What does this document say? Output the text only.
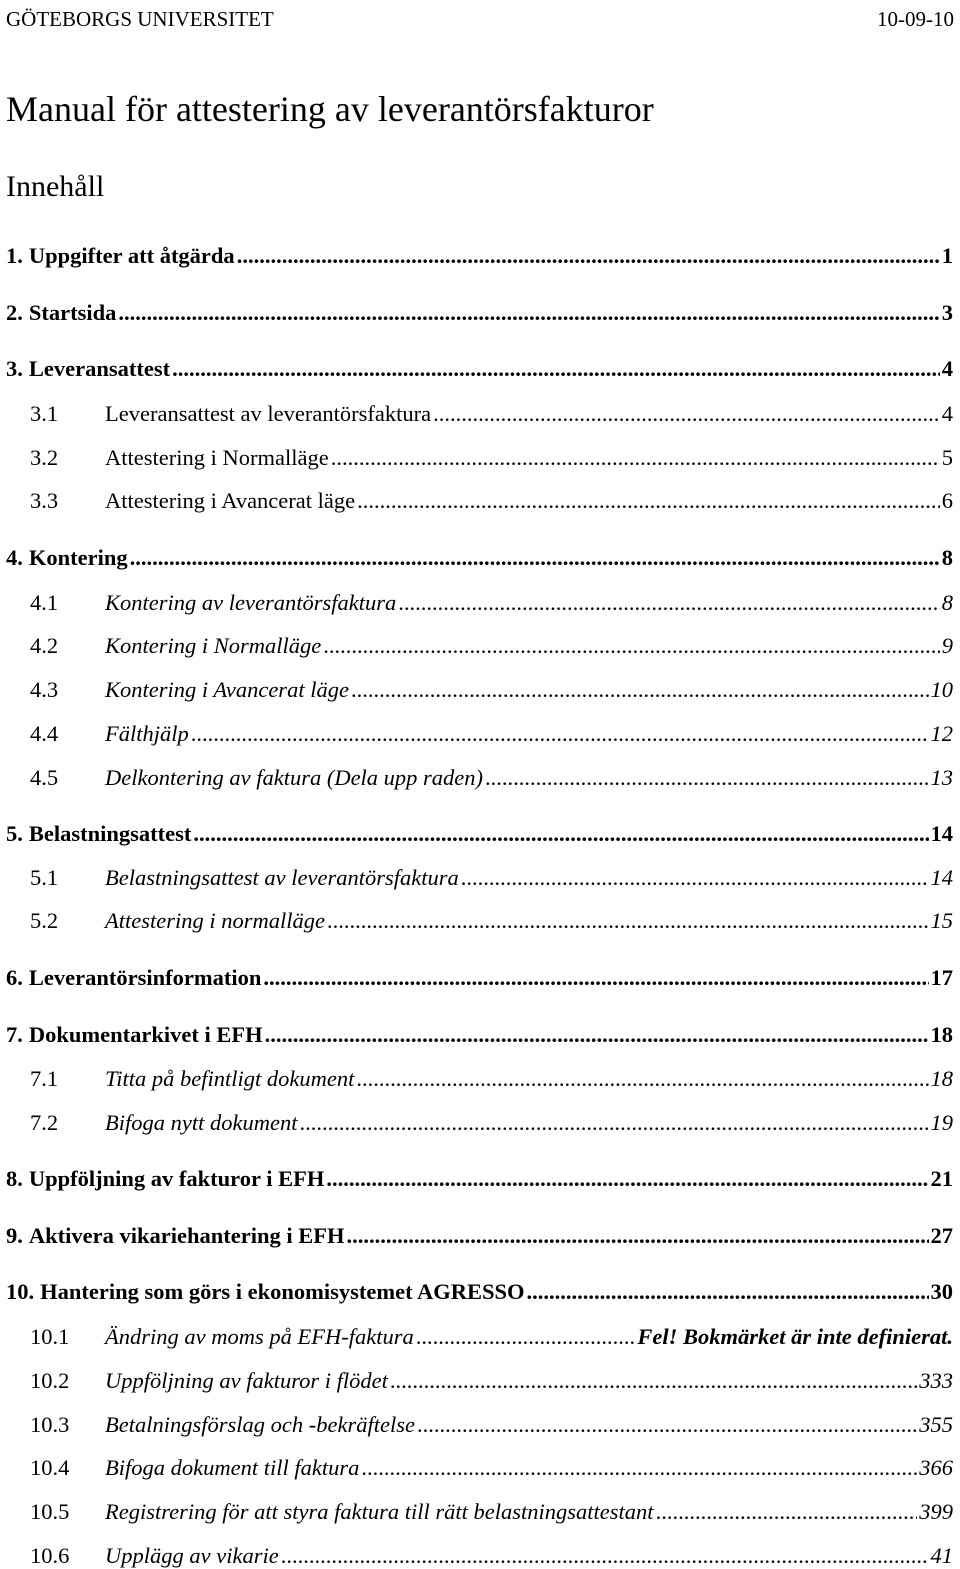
GÖTEBORGS UNIVERSITET	10-09-10
Manual för attestering av leverantörsfakturor
Innehåll
1. Uppgifter att åtgärda .....	1
2. Startsida .....	3
3. Leveransattest .....	4
3.1	Leveransattest av leverantörsfaktura .....	4
3.2	Attestering i Normalläge .....	5
3.3	Attestering i Avancerat läge .....	6
4. Kontering .....	8
4.1	Kontering av leverantörsfaktura .....	8
4.2	Kontering i Normalläge .....	9
4.3	Kontering i Avancerat läge .....	10
4.4	Fälthjälp .....	12
4.5	Delkontering av faktura (Dela upp raden) .....	13
5. Belastningsattest .....	14
5.1	Belastningsattest av leverantörsfaktura .....	14
5.2	Attestering i normalläge .....	15
6. Leverantörsinformation .....	17
7. Dokumentarkivet i EFH .....	18
7.1	Titta på befintligt dokument .....	18
7.2	Bifoga nytt dokument .....	19
8. Uppföljning av fakturor i EFH .....	21
9. Aktivera vikariehantering i EFH .....	27
10. Hantering som görs i ekonomisystemet AGRESSO .....	30
10.1	Ändring av moms på EFH-faktura .....	Fel! Bokmärket är inte definierat.
10.2	Uppföljning av fakturor i flödet .....	333
10.3	Betalningsförslag och -bekräftelse .....	355
10.4	Bifoga dokument till faktura .....	366
10.5	Registrering för att styra faktura till rätt belastningsattestant .....	399
10.6	Upplägg av vikarie .....	41
